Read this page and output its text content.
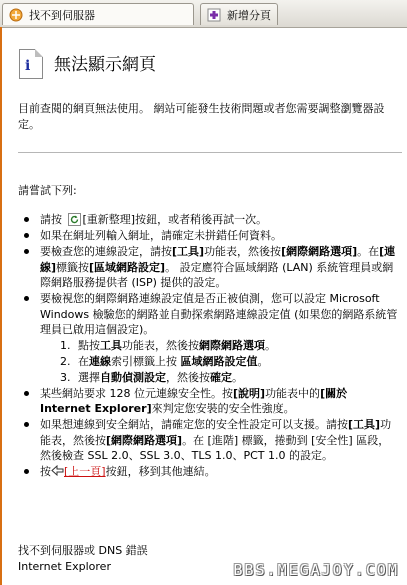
找不到伺服器	新增分頁
i 無法顯示網頁
目前查閱的網頁無法使用。 網站可能發生技術問題或者您需要調整瀏覽器設定。
請嘗試下列:
請按 [重新整理]按鈕，或者稍後再試一次。
如果在網址列輸入網址，請確定未拼錯任何資料。
要檢查您的連線設定，請按[工具]功能表，然後按[網際網路選項]。在[連線]標籤按[區域網路設定]。 設定應符合區域網路 (LAN) 系統管理員或網際網路服務提供者 (ISP) 提供的設定。
要檢視您的網際網路連線設定值是否正被偵測，您可以設定 Microsoft Windows 檢驗您的網路並自動探索網路連線設定值 (如果您的網路系統管理員已啟用這個設定)。
1. 點按工具功能表，然後按網際網路選項。
2. 在連線索引標籤上按 區域網路設定值。
3. 選擇自動偵測設定，然後按確定。
某些網站要求 128 位元連線安全性。按[說明]功能表中的[關於 Internet Explorer]來判定您安裝的安全性強度。
如果想連線到安全網站，請確定您的安全性設定可以支援。請按[工具]功能表，然後按[網際網路選項]。在 [進階] 標籤，捲動到 [安全性] 區段，然後檢查 SSL 2.0、SSL 3.0、TLS 1.0、PCT 1.0 的設定。
按 [上一頁]按鈕，移到其他連結。
找不到伺服器或 DNS 錯誤
Internet Explorer	BBS.MEGAJOY.COM
